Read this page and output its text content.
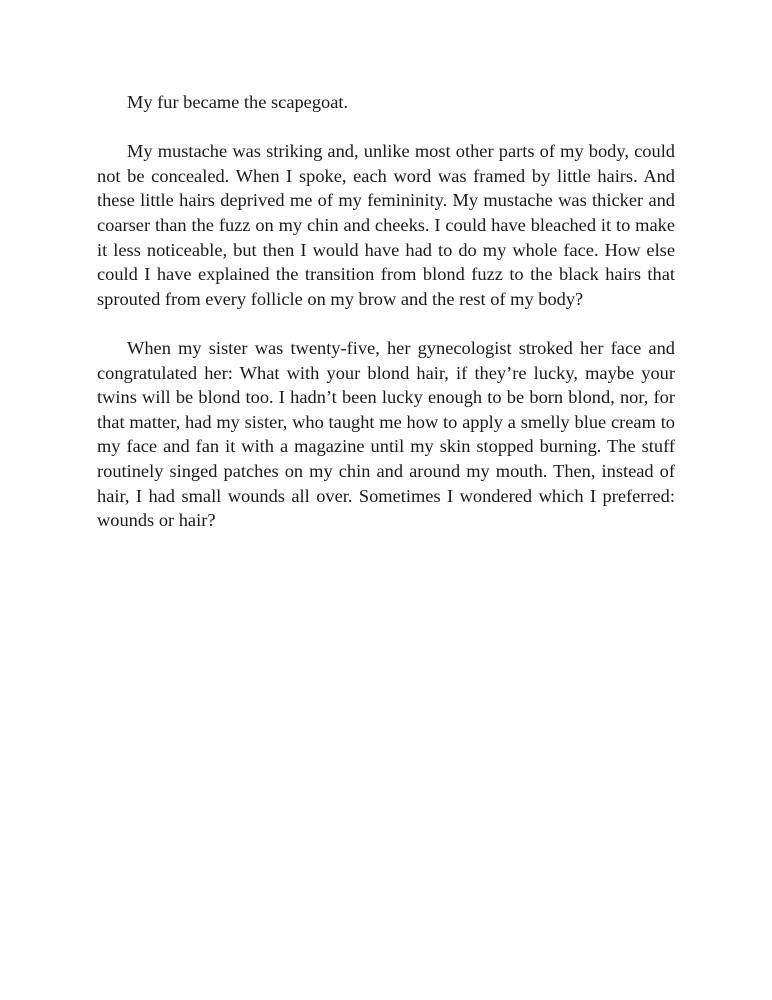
My fur became the scapegoat.

My mustache was striking and, unlike most other parts of my body, could not be concealed. When I spoke, each word was framed by little hairs. And these little hairs deprived me of my femininity. My mustache was thicker and coarser than the fuzz on my chin and cheeks. I could have bleached it to make it less noticeable, but then I would have had to do my whole face. How else could I have explained the transition from blond fuzz to the black hairs that sprouted from every follicle on my brow and the rest of my body?

When my sister was twenty-five, her gynecologist stroked her face and congratulated her: What with your blond hair, if they’re lucky, maybe your twins will be blond too. I hadn’t been lucky enough to be born blond, nor, for that matter, had my sister, who taught me how to apply a smelly blue cream to my face and fan it with a magazine until my skin stopped burning. The stuff routinely singed patches on my chin and around my mouth. Then, instead of hair, I had small wounds all over. Sometimes I wondered which I preferred: wounds or hair?
